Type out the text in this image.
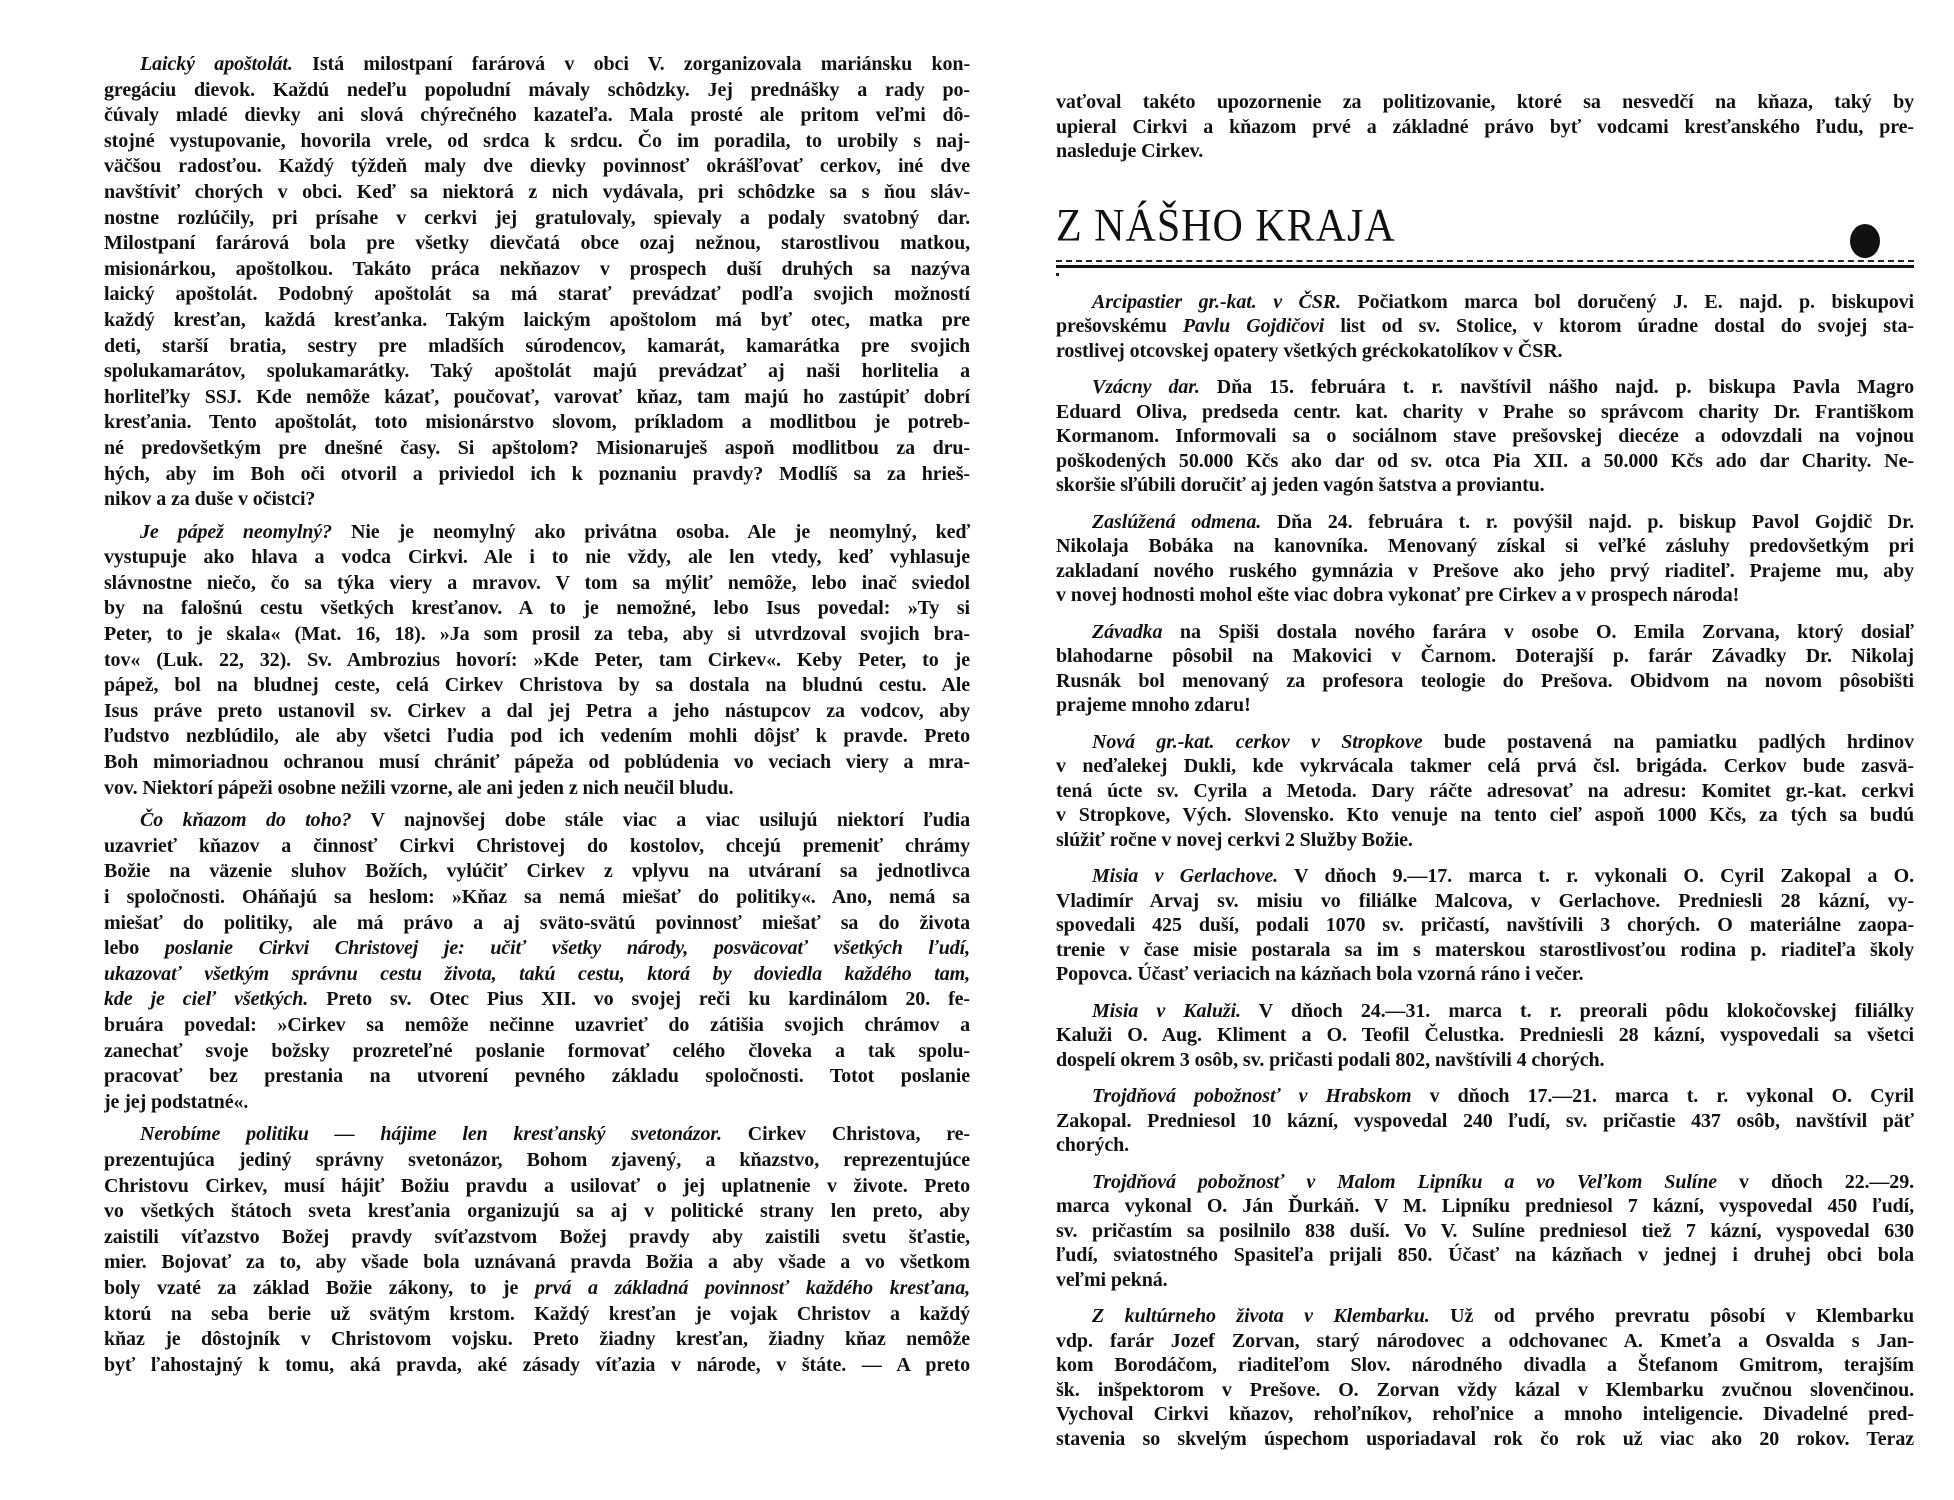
Laický apoštolát. Istá milostpaní farárová v obci V. zorganizovala mariánsku kon-
gregáciu dievok. Každú nedeľu popoludní mávaly schôdzky. Jej prednášky a rady po-
čúvaly mladé dievky ani slová chýrečného kazateľa. Mala prosté ale pritom veľmi dô-
stojné vystupovanie, hovorila vrele, od srdca k srdcu. Čo im poradila, to urobily s naj-
väčšou radosťou. Každý týždeň maly dve dievky povinnosť okrášľovať cerkov, iné dve
navštíviť chorých v obci. Keď sa niektorá z nich vydávala, pri schôdzke sa s ňou sláv-
nostne rozlúčily, pri prísahe v cerkvi jej gratulovaly, spievaly a podaly svatobný dar.
Milostpaní farárová bola pre všetky dievčatá obce ozaj nežnou, starostlivou matkou,
misionárkou, apoštolkou. Takáto práca nekňazov v prospech duší druhých sa nazýva
laický apoštolát. Podobný apoštolát sa má starať prevádzať podľa svojich možností
každý kresťan, každá kresťanka. Takým laickým apoštolom má byť otec, matka pre
deti, starší bratia, sestry pre mladších súrodencov, kamarát, kamarátka pre svojich
spolukamarátov, spolukamarátky. Taký apoštolát majú prevádzať aj naši horlitelia a
horliteľky SSJ. Kde nemôže kázať, poučovať, varovať kňaz, tam majú ho zastúpiť dobrí
kresťania. Tento apoštolát, toto misionárstvo slovom, príkladom a modlitbou je potreb-
né predovšetkým pre dnešné časy. Si apštolom? Misionaruješ aspoň modlitbou za dru-
hých, aby im Boh oči otvoril a priviedol ich k poznaniu pravdy? Modlíš sa za hrieš-
nikov a za duše v očistci?
Je pápež neomylný? Nie je neomylný ako privátna osoba. Ale je neomylný, keď
vystupuje ako hlava a vodca Cirkvi. Ale i to nie vždy, ale len vtedy, keď vyhlasuje
slávnostne niečo, čo sa týka viery a mravov. V tom sa mýliť nemôže, lebo inač sviedol
by na falošnú cestu všetkých kresťanov. A to je nemožné, lebo Isus povedal: »Ty si
Peter, to je skala« (Mat. 16, 18). »Ja som prosil za teba, aby si utvrdzoval svojich bra-
tov« (Luk. 22, 32). Sv. Ambrozius hovorí: »Kde Peter, tam Cirkev«. Keby Peter, to je
pápež, bol na bludnej ceste, celá Cirkev Christova by sa dostala na bludnú cestu. Ale
Isus práve preto ustanovil sv. Cirkev a dal jej Petra a jeho nástupcov za vodcov, aby
ľudstvo nezblúdilo, ale aby všetci ľudia pod ich vedením mohli dôjsť k pravde. Preto
Boh mimoriadnou ochranou musí chrániť pápeža od poblúdenia vo veciach viery a mra-
vov. Niektorí pápeži osobne nežili vzorne, ale ani jeden z nich neučil bludu.
Čo kňazom do toho? V najnovšej dobe stále viac a viac usilujú niektorí ľudia
uzavrieť kňazov a činnosť Cirkvi Christovej do kostolov, chcejú premeniť chrámy
Božie na väzenie sluhov Božích, vylúčiť Cirkev z vplyvu na utváraní sa jednotlivca
i spoločnosti. Oháňajú sa heslom: »Kňaz sa nemá miešať do politiky«. Ano, nemá sa
miešať do politiky, ale má právo a aj sväto-svätú povinnosť miešať sa do života
lebo poslanie Cirkvi Christovej je: učiť všetky národy, posväcovať všetkých ľudí,
ukazovať všetkým správnu cestu života, takú cestu, ktorá by doviedla každého tam,
kde je cieľ všetkých. Preto sv. Otec Pius XII. vo svojej reči ku kardinálom 20. fe-
bruára povedal: »Cirkev sa nemôže nečinne uzavrieť do zátišia svojich chrámov a
zanechať svoje božsky prozreteľné poslanie formovať celého človeka a tak spolu-
pracovať bez prestania na utvorení pevného základu spoločnosti. Totot poslanie
je jej podstatné«.
Nerobíme politiku — hájime len kresťanský svetonázor. Cirkev Christova, re-
prezentujúca jediný správny svetonázor, Bohom zjavený, a kňazstvo, reprezentujúce
Christovu Cirkev, musí hájiť Božiu pravdu a usilovať o jej uplatnenie v živote. Preto
vo všetkých štátoch sveta kresťania organizujú sa aj v politické strany len preto, aby
zaistili víťazstvo Božej pravdy svíťazstvom Božej pravdy aby zaistili svetu šťastie,
mier. Bojovať za to, aby všade bola uznávaná pravda Božia a aby všade a vo všetkom
boly vzaté za základ Božie zákony, to je prvá a základná povinnosť každého kresťana,
ktorú na seba berie už svätým krstom. Každý kresťan je vojak Christov a každý
kňaz je dôstojník v Christovom vojsku. Preto žiadny kresťan, žiadny kňaz nemôže
byť ľahostajný k tomu, aká pravda, aké zásady víťazia v národe, v štáte. — A preto
vaťoval takéto upozornenie za politizovanie, ktoré sa nesvedčí na kňaza, taký by
upieral Cirkvi a kňazom prvé a základné právo byť vodcami kresťanského ľudu, pre-
nasleduje Cirkev.
Z NÁŠHO KRAJA
Arcipastier gr.-kat. v ČSR. Počiatkom marca bol doručený J. E. najd. p. biskupovi
prešovskému Pavlu Gojdičovi list od sv. Stolice, v ktorom úradne dostal do svojej sta-
rostlivej otcovskej opatery všetkých gréckokatolíkov v ČSR.
Vzácny dar. Dňa 15. februára t. r. navštívil nášho najd. p. biskupa Pavla Magro
Eduard Oliva, predseda centr. kat. charity v Prahe so správcom charity Dr. Františkom
Kormanom. Informovali sa o sociálnom stave prešovskej diecéze a odovzdali na vojnou
poškodených 50.000 Kčs ako dar od sv. otca Pia XII. a 50.000 Kčs ado dar Charity. Ne-
skoršie sľúbili doručiť aj jeden vagón šatstva a proviantu.
Zaslúžená odmena. Dňa 24. februára t. r. povýšil najd. p. biskup Pavol Gojdič Dr.
Nikolaja Bobáka na kanovníka. Menovaný získal si veľké zásluhy predovšetkým pri
zakladaní nového ruského gymnázia v Prešove ako jeho prvý riaditeľ. Prajeme mu, aby
v novej hodnosti mohol ešte viac dobra vykonať pre Cirkev a v prospech národa!
Závadka na Spiši dostala nového farára v osobe O. Emila Zorvana, ktorý dosiaľ
blahodarne pôsobil na Makovici v Čarnom. Doterajší p. farár Závadky Dr. Nikolaj
Rusnák bol menovaný za profesora teologie do Prešova. Obidvom na novom pôsobišti
prajeme mnoho zdaru!
Nová gr.-kat. cerkov v Stropkove bude postavená na pamiatku padlých hrdinov
v neďalekej Dukli, kde vykrvácala takmer celá prvá čsl. brigáda. Cerkov bude zasvä-
tená úcte sv. Cyrila a Metoda. Dary ráčte adresovať na adresu: Komitet gr.-kat. cerkvi
v Stropkove, Vých. Slovensko. Kto venuje na tento cieľ aspoň 1000 Kčs, za tých sa budú
slúžiť ročne v novej cerkvi 2 Služby Božie.
Misia v Gerlachove. V dňoch 9.—17. marca t. r. vykonali O. Cyril Zakopal a O.
Vladimír Arvaj sv. misiu vo filiálke Malcova, v Gerlachove. Predniesli 28 kázní, vy-
spovedali 425 duší, podali 1070 sv. pričastí, navštívili 3 chorých. O materiálne zaopa-
trenie v čase misie postarala sa im s materskou starostlivosťou rodina p. riaditeľa školy
Popovca. Účasť veriacich na kázňach bola vzorná ráno i večer.
Misia v Kaluži. V dňoch 24.—31. marca t. r. preorali pôdu klokočovskej filiálky
Kaluži O. Aug. Kliment a O. Teofil Čelustka. Predniesli 28 kázní, vyspovedali sa všetci
dospelí okrem 3 osôb, sv. pričasti podali 802, navštívili 4 chorých.
Trojdňová pobožnosť v Hrabskom v dňoch 17.—21. marca t. r. vykonal O. Cyril
Zakopal. Predniesol 10 kázní, vyspovedal 240 ľudí, sv. pričastie 437 osôb, navštívil päť
chorých.
Trojdňová pobožnosť v Malom Lipníku a vo Veľkom Sulíne v dňoch 22.—29.
marca vykonal O. Ján Ďurkáň. V M. Lipníku predniesol 7 kázní, vyspovedal 450 ľudí,
sv. pričastím sa posilnilo 838 duší. Vo V. Sulíne predniesol tiež 7 kázní, vyspovedal 630
ľudí, sviatostného Spasiteľa prijali 850. Účasť na kázňach v jednej i druhej obci bola
veľmi pekná.
Z kultúrneho života v Klembarku. Už od prvého prevratu pôsobí v Klembarku
vdp. farár Jozef Zorvan, starý národovec a odchovanec A. Kmeťa a Osvalda s Jan-
kom Borodáčom, riaditeľom Slov. národného divadla a Štefanom Gmitrom, terajším
šk. inšpektorom v Prešove. O. Zorvan vždy kázal v Klembarku zvučnou slovenčinou.
Vychoval Cirkvi kňazov, rehoľníkov, rehoľnice a mnoho inteligencie. Divadelné pred-
stavenia so skvelým úspechom usporiadaval rok čo rok už viac ako 20 rokov. Teraz
